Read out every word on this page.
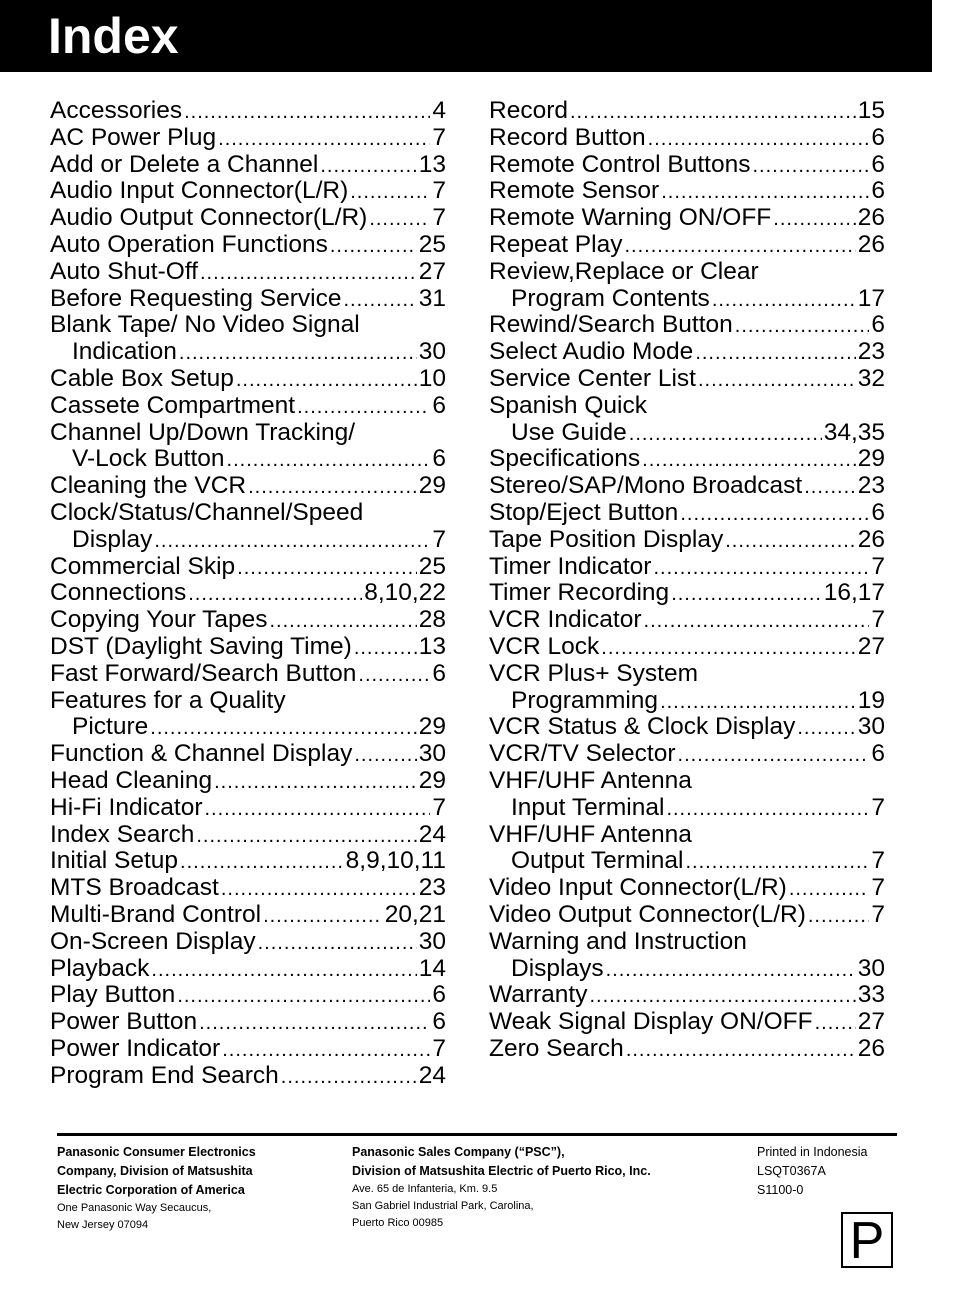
Index
Accessories .....	4
AC Power Plug .....	7
Add or Delete a Channel .....	13
Audio Input Connector(L/R) .....	7
Audio Output Connector(L/R) .....	7
Auto Operation Functions .....	25
Auto Shut-Off .....	27
Before Requesting Service .....	31
Blank Tape/ No Video Signal
Indication .....	30
Cable Box Setup .....	10
Cassete Compartment .....	6
Channel Up/Down Tracking/
V-Lock Button .....	6
Cleaning the VCR .....	29
Clock/Status/Channel/Speed
Display .....	7
Commercial Skip .....	25
Connections .....	8,10,22
Copying Your Tapes .....	28
DST (Daylight Saving Time) .....	13
Fast Forward/Search Button .....	6
Features for a Quality
Picture .....	29
Function & Channel Display .....	30
Head Cleaning .....	29
Hi-Fi Indicator .....	7
Index Search .....	24
Initial Setup .....	8,9,10,11
MTS Broadcast .....	23
Multi-Brand Control .....	20,21
On-Screen Display .....	30
Playback .....	14
Play Button .....	6
Power Button .....	6
Power Indicator .....	7
Program End Search .....	24
Record .....	15
Record Button .....	6
Remote Control Buttons .....	6
Remote Sensor .....	6
Remote Warning ON/OFF .....	26
Repeat Play .....	26
Review,Replace or Clear
Program Contents .....	17
Rewind/Search Button .....	6
Select Audio Mode .....	23
Service Center List .....	32
Spanish Quick
Use Guide .....	34,35
Specifications .....	29
Stereo/SAP/Mono Broadcast ..... 23
Stop/Eject Button .....	6
Tape Position Display .....	26
Timer Indicator .....	7
Timer Recording .....	16,17
VCR Indicator .....	7
VCR Lock .....	27
VCR Plus+ System
Programming .....	19
VCR Status & Clock Display .....	30
VCR/TV Selector .....	6
VHF/UHF Antenna
Input Terminal .....	7
VHF/UHF Antenna
Output Terminal .....	7
Video Input Connector(L/R) .....	7
Video Output Connector(L/R) .....	7
Warning and Instruction
Displays .....	30
Warranty .....	33
Weak Signal Display ON/OFF ..... 27
Zero Search .....	26
Panasonic Consumer Electronics
Company, Division of Matsushita
Electric Corporation of America
One Panasonic Way Secaucus,
New Jersey 07094
Panasonic Sales Company (“PSC”),
Division of Matsushita Electric of Puerto Rico, Inc.
Ave. 65 de Infanteria, Km. 9.5
San Gabriel Industrial Park, Carolina,
Puerto Rico 00985
Printed in Indonesia
LSQT0367A
S1100-0
P
